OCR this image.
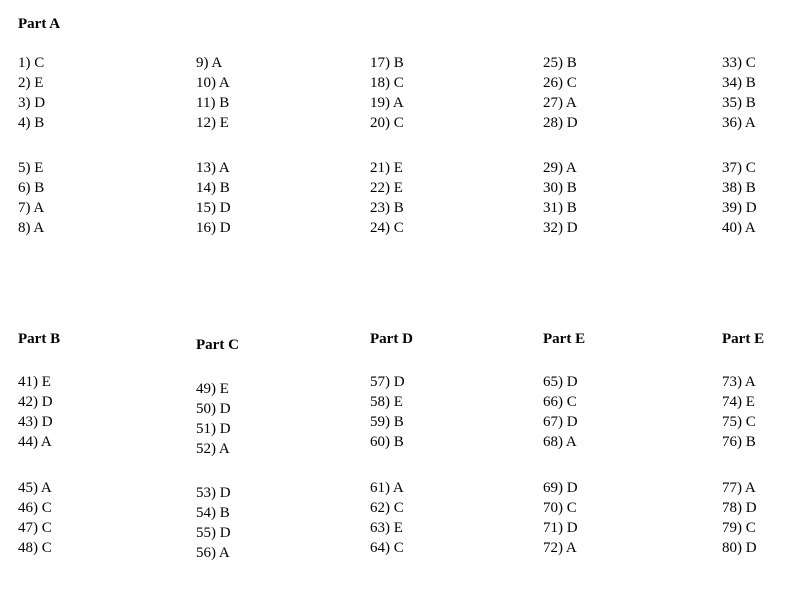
Part A
1) C
2) E
3) D
4) B
5) E
6) B
7) A
8) A
9) A
10) A
11) B
12) E
13) A
14) B
15) D
16) D
17) B
18) C
19) A
20) C
21) E
22) E
23) B
24) C
25) B
26) C
27) A
28) D
29) A
30) B
31) B
32) D
33) C
34) B
35) B
36) A
37) C
38) B
39) D
40) A
Part B
41) E
42) D
43) D
44) A
45) A
46) C
47) C
48) C
Part C
49) E
50) D
51) D
52) A
53) D
54) B
55) D
56) A
Part D
57) D
58) E
59) B
60) B
61) A
62) C
63) E
64) C
Part E
65) D
66) C
67) D
68) A
69) D
70) C
71) D
72) A
Part E
73) A
74) E
75) C
76) B
77) A
78) D
79) C
80) D
